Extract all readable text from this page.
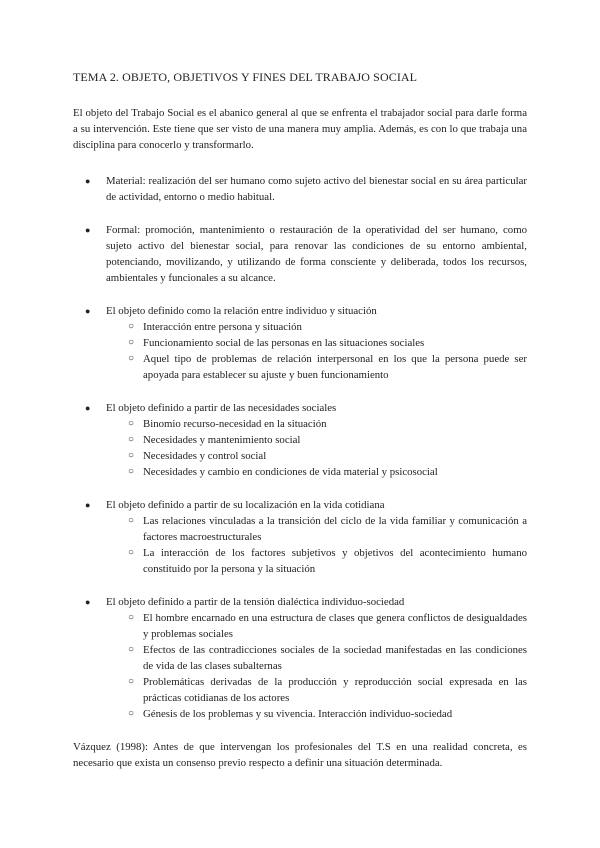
TEMA 2. OBJETO, OBJETIVOS Y FINES DEL TRABAJO SOCIAL

El objeto del Trabajo Social es el abanico general al que se enfrenta el trabajador social para darle forma a su intervención. Este tiene que ser visto de una manera muy amplia. Además, es con lo que trabaja una disciplina para conocerlo y transformarlo.

● Material: realización del ser humano como sujeto activo del bienestar social en su área particular de actividad, entorno o medio habitual.
● Formal: promoción, mantenimiento o restauración de la operatividad del ser humano, como sujeto activo del bienestar social, para renovar las condiciones de su entorno ambiental, potenciando, movilizando, y utilizando de forma consciente y deliberada, todos los recursos, ambientales y funcionales a su alcance.
● El objeto definido como la relación entre individuo y situación
○ Interacción entre persona y situación
○ Funcionamiento social de las personas en las situaciones sociales
○ Aquel tipo de problemas de relación interpersonal en los que la persona puede ser apoyada para establecer su ajuste y buen funcionamiento
● El objeto definido a partir de las necesidades sociales
○ Binomio recurso-necesidad en la situación
○ Necesidades y mantenimiento social
○ Necesidades y control social
○ Necesidades y cambio en condiciones de vida material y psicosocial
● El objeto definido a partir de su localización en la vida cotidiana
○ Las relaciones vinculadas a la transición del ciclo de la vida familiar y comunicación a factores macroestructurales
○ La interacción de los factores subjetivos y objetivos del acontecimiento humano constituido por la persona y la situación
● El objeto definido a partir de la tensión dialéctica individuo-sociedad
○ El hombre encarnado en una estructura de clases que genera conflictos de desigualdades y problemas sociales
○ Efectos de las contradicciones sociales de la sociedad manifestadas en las condiciones de vida de las clases subalternas
○ Problemáticas derivadas de la producción y reproducción social expresada en las prácticas cotidianas de los actores
○ Génesis de los problemas y su vivencia. Interacción individuo-sociedad

Vázquez (1998): Antes de que intervengan los profesionales del T.S en una realidad concreta, es necesario que exista un consenso previo respecto a definir una situación determinada.
